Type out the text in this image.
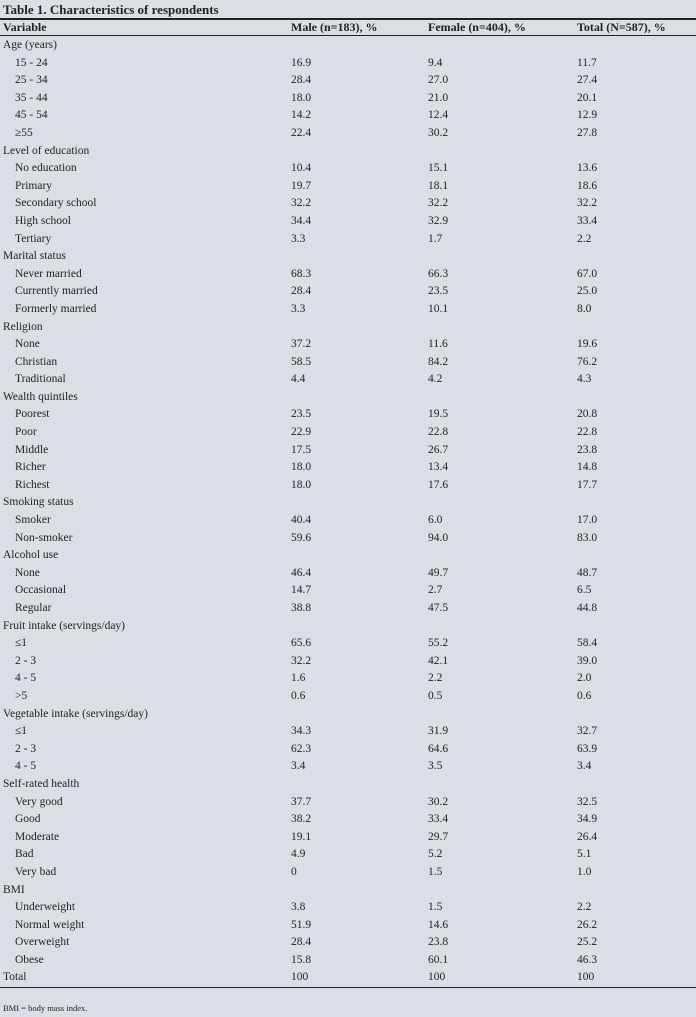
Table 1. Characteristics of respondents
Variable	Male (n=183), %	Female (n=404), %	Total (N=587), %
Age (years)
15 - 24	16.9	9.4	11.7
25 - 34	28.4	27.0	27.4
35 - 44	18.0	21.0	20.1
45 - 54	14.2	12.4	12.9
≥55	22.4	30.2	27.8
Level of education
No education	10.4	15.1	13.6
Primary	19.7	18.1	18.6
Secondary school	32.2	32.2	32.2
High school	34.4	32.9	33.4
Tertiary	3.3	1.7	2.2
Marital status
Never married	68.3	66.3	67.0
Currently married	28.4	23.5	25.0
Formerly married	3.3	10.1	8.0
Religion
None	37.2	11.6	19.6
Christian	58.5	84.2	76.2
Traditional	4.4	4.2	4.3
Wealth quintiles
Poorest	23.5	19.5	20.8
Poor	22.9	22.8	22.8
Middle	17.5	26.7	23.8
Richer	18.0	13.4	14.8
Richest	18.0	17.6	17.7
Smoking status
Smoker	40.4	6.0	17.0
Non-smoker	59.6	94.0	83.0
Alcohol use
None	46.4	49.7	48.7
Occasional	14.7	2.7	6.5
Regular	38.8	47.5	44.8
Fruit intake (servings/day)
≤1	65.6	55.2	58.4
2 - 3	32.2	42.1	39.0
4 - 5	1.6	2.2	2.0
>5	0.6	0.5	0.6
Vegetable intake (servings/day)
≤1	34.3	31.9	32.7
2 - 3	62.3	64.6	63.9
4 - 5	3.4	3.5	3.4
Self-rated health
Very good	37.7	30.2	32.5
Good	38.2	33.4	34.9
Moderate	19.1	29.7	26.4
Bad	4.9	5.2	5.1
Very bad	0	1.5	1.0
BMI
Underweight	3.8	1.5	2.2
Normal weight	51.9	14.6	26.2
Overweight	28.4	23.8	25.2
Obese	15.8	60.1	46.3
Total	100	100	100
BMI = body mass index.
